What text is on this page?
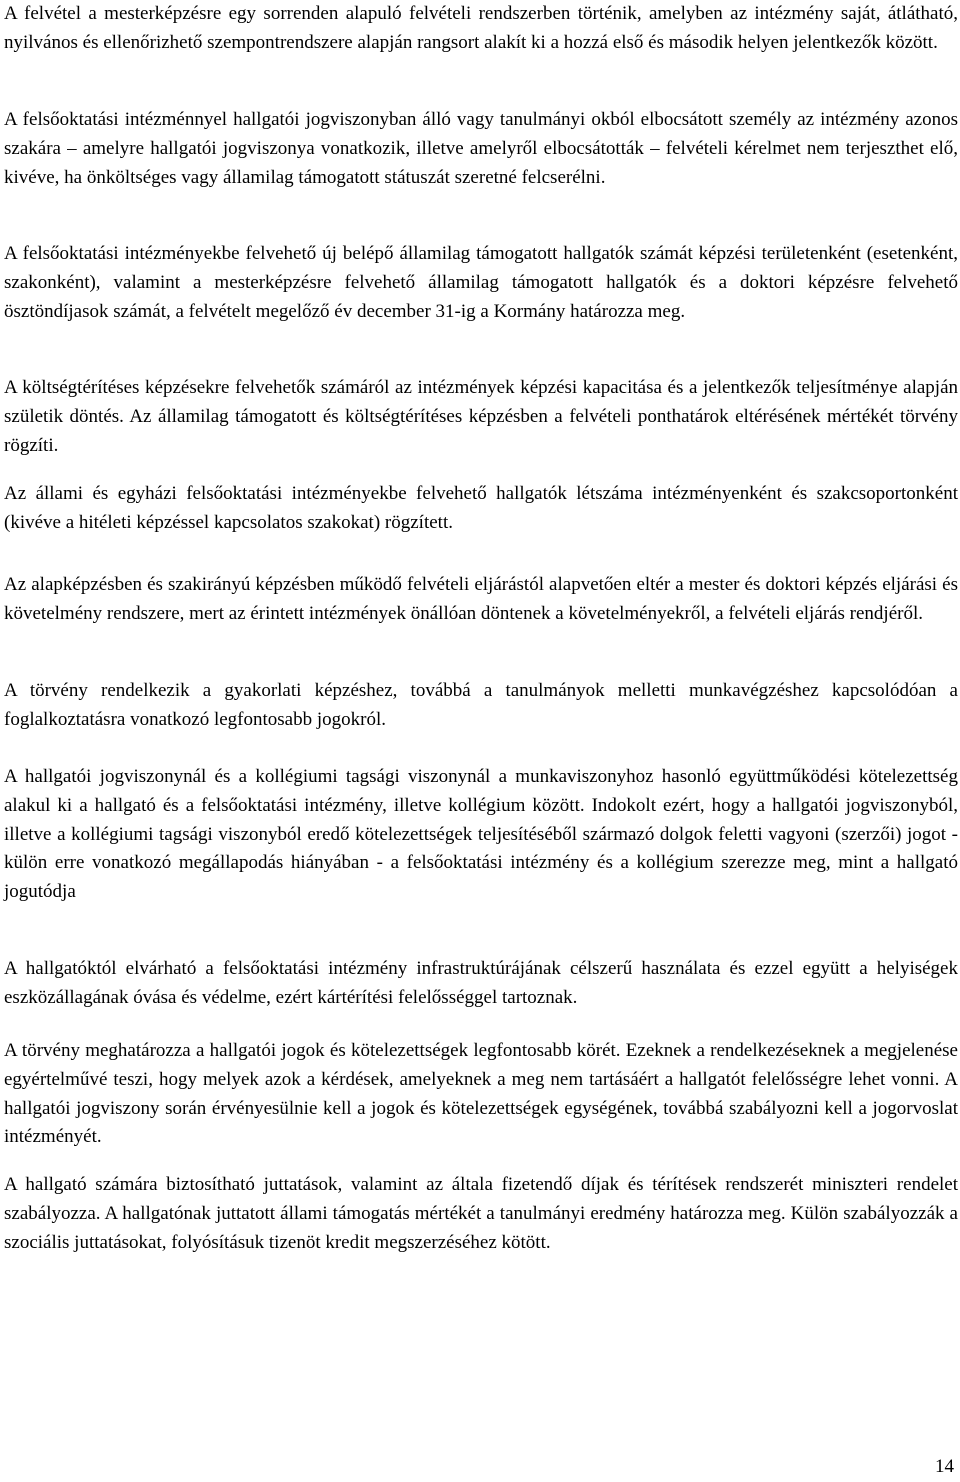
A felvétel a mesterképzésre egy sorrenden alapuló felvételi rendszerben történik, amelyben az intézmény saját, átlátható, nyilvános és ellenőrizhető szempontrendszere alapján rangsort alakít ki a hozzá első és második helyen jelentkezők között.

A felsőoktatási intézménnyel hallgatói jogviszonyban álló vagy tanulmányi okból elbocsátott személy az intézmény azonos szakára – amelyre hallgatói jogviszonya vonatkozik, illetve amelyről elbocsátották – felvételi kérelmet nem terjeszthet elő, kivéve, ha önköltséges vagy államilag támogatott státuszát szeretné felcserélni.

A felsőoktatási intézményekbe felvehető új belépő államilag támogatott hallgatók számát képzési területenként (esetenként, szakonként), valamint a mesterképzésre felvehető államilag támogatott hallgatók és a doktori képzésre felvehető ösztöndíjasok számát, a felvételt megelőző év december 31-ig a Kormány határozza meg.

A költségtérítéses képzésekre felvehetők számáról az intézmények képzési kapacitása és a jelentkezők teljesítménye alapján születik döntés. Az államilag támogatott és költségtérítéses képzésben a felvételi ponthatárok eltérésének mértékét törvény rögzíti.

Az állami és egyházi felsőoktatási intézményekbe felvehető hallgatók létszáma intézményenként és szakcsoportonként (kivéve a hitéleti képzéssel kapcsolatos szakokat) rögzített.

Az alapképzésben és szakirányú képzésben működő felvételi eljárástól alapvetően eltér a mester és doktori képzés eljárási és követelmény rendszere, mert az érintett intézmények önállóan döntenek a követelményekről, a felvételi eljárás rendjéről.

A törvény rendelkezik a gyakorlati képzéshez, továbbá a tanulmányok melletti munkavégzéshez kapcsolódóan a foglalkoztatásra vonatkozó legfontosabb jogokról.

A hallgatói jogviszonynál és a kollégiumi tagsági viszonynál a munkaviszonyhoz hasonló együttműködési kötelezettség alakul ki a hallgató és a felsőoktatási intézmény, illetve kollégium között. Indokolt ezért, hogy a hallgatói jogviszonyból, illetve a kollégiumi tagsági viszonyból eredő kötelezettségek teljesítéséből származó dolgok feletti vagyoni (szerzői) jogot - külön erre vonatkozó megállapodás hiányában - a felsőoktatási intézmény és a kollégium szerezze meg, mint a hallgató jogutódja

A hallgatóktól elvárható a felsőoktatási intézmény infrastruktúrájának célszerű használata és ezzel együtt a helyiségek eszközállagának óvása és védelme, ezért kártérítési felelősséggel tartoznak.

A törvény meghatározza a hallgatói jogok és kötelezettségek legfontosabb körét. Ezeknek a rendelkezéseknek a megjelenése egyértelművé teszi, hogy melyek azok a kérdések, amelyeknek a meg nem tartásáért a hallgatót felelősségre lehet vonni. A hallgatói jogviszony során érvényesülnie kell a jogok és kötelezettségek egységének, továbbá szabályozni kell a jogorvoslat intézményét.

A hallgató számára biztosítható juttatások, valamint az általa fizetendő díjak és térítések rendszerét miniszteri rendelet szabályozza. A hallgatónak juttatott állami támogatás mértékét a tanulmányi eredmény határozza meg. Külön szabályozzák a szociális juttatásokat, folyósításuk tizenöt kredit megszerzéséhez kötött.

14
